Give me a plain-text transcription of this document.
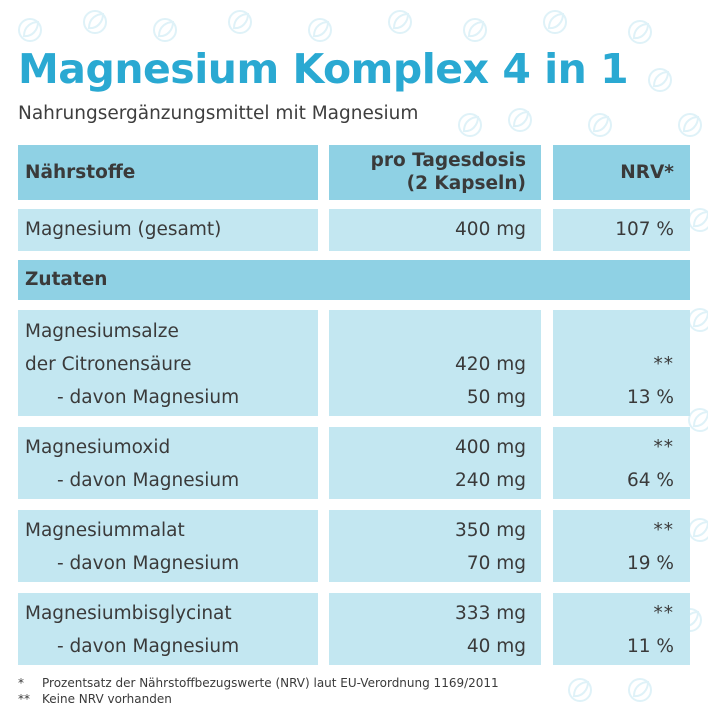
Magnesium Komplex 4 in 1
Nahrungsergänzungsmittel mit Magnesium
Nährstoffe
pro Tagesdosis
(2 Kapseln)
NRV*
Magnesium (gesamt)	400 mg	107 %
Zutaten
Magnesiumsalze
der Citronensäure
- davon Magnesium
420 mg
50 mg
**
13 %
Magnesiumoxid
- davon Magnesium
400 mg
240 mg
**
64 %
Magnesiummalat
- davon Magnesium
350 mg
70 mg
**
19 %
Magnesiumbisglycinat
- davon Magnesium
333 mg
40 mg
**
11 %
* Prozentsatz der Nährstoffbezugswerte (NRV) laut EU-Verordnung 1169/2011
** Keine NRV vorhanden
